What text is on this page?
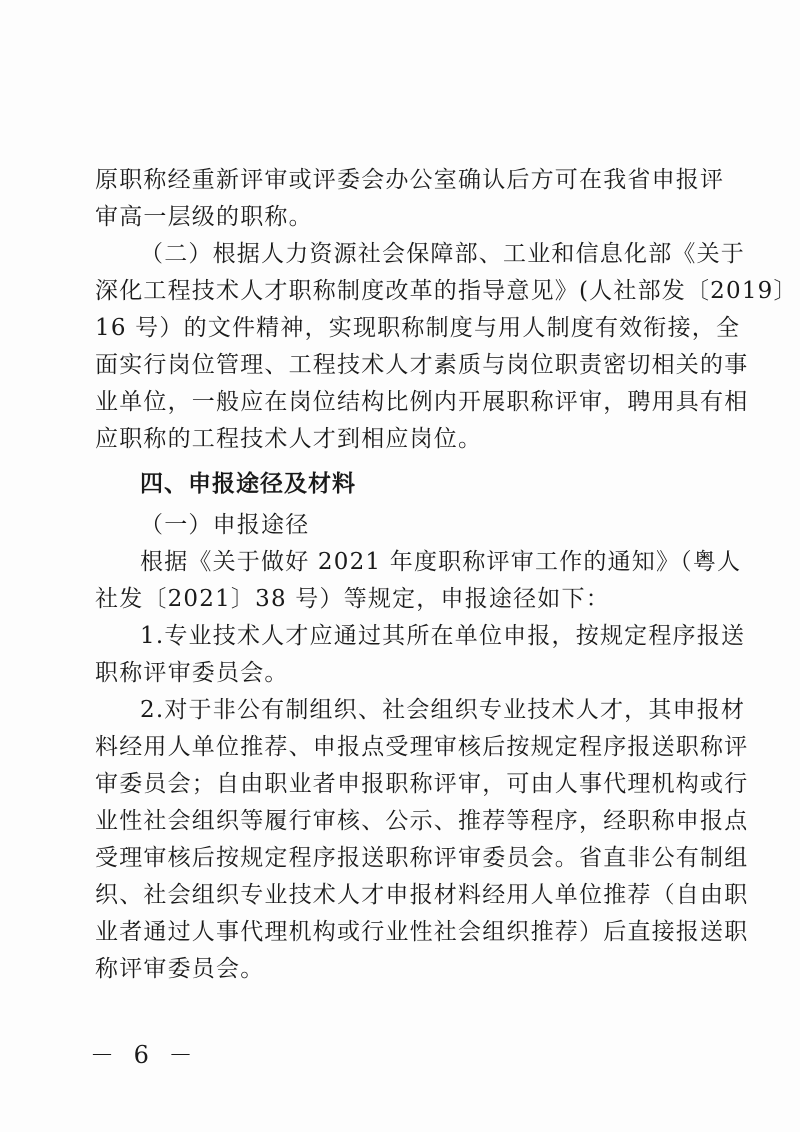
原职称经重新评审或评委会办公室确认后方可在我省申报评
审高一层级的职称。
（二）根据人力资源社会保障部、工业和信息化部《关于
深化工程技术人才职称制度改革的指导意见》(人社部发〔2019〕
16 号）的文件精神，实现职称制度与用人制度有效衔接，全
面实行岗位管理、工程技术人才素质与岗位职责密切相关的事
业单位，一般应在岗位结构比例内开展职称评审，聘用具有相
应职称的工程技术人才到相应岗位。
四、申报途径及材料
（一）申报途径
根据《关于做好 2021 年度职称评审工作的通知》（粤人
社发〔2021〕38 号）等规定，申报途径如下：
1.专业技术人才应通过其所在单位申报，按规定程序报送
职称评审委员会。
2.对于非公有制组织、社会组织专业技术人才，其申报材
料经用人单位推荐、申报点受理审核后按规定程序报送职称评
审委员会；自由职业者申报职称评审，可由人事代理机构或行
业性社会组织等履行审核、公示、推荐等程序，经职称申报点
受理审核后按规定程序报送职称评审委员会。省直非公有制组
织、社会组织专业技术人才申报材料经用人单位推荐（自由职
业者通过人事代理机构或行业性社会组织推荐）后直接报送职
称评审委员会。
－ 6 －
